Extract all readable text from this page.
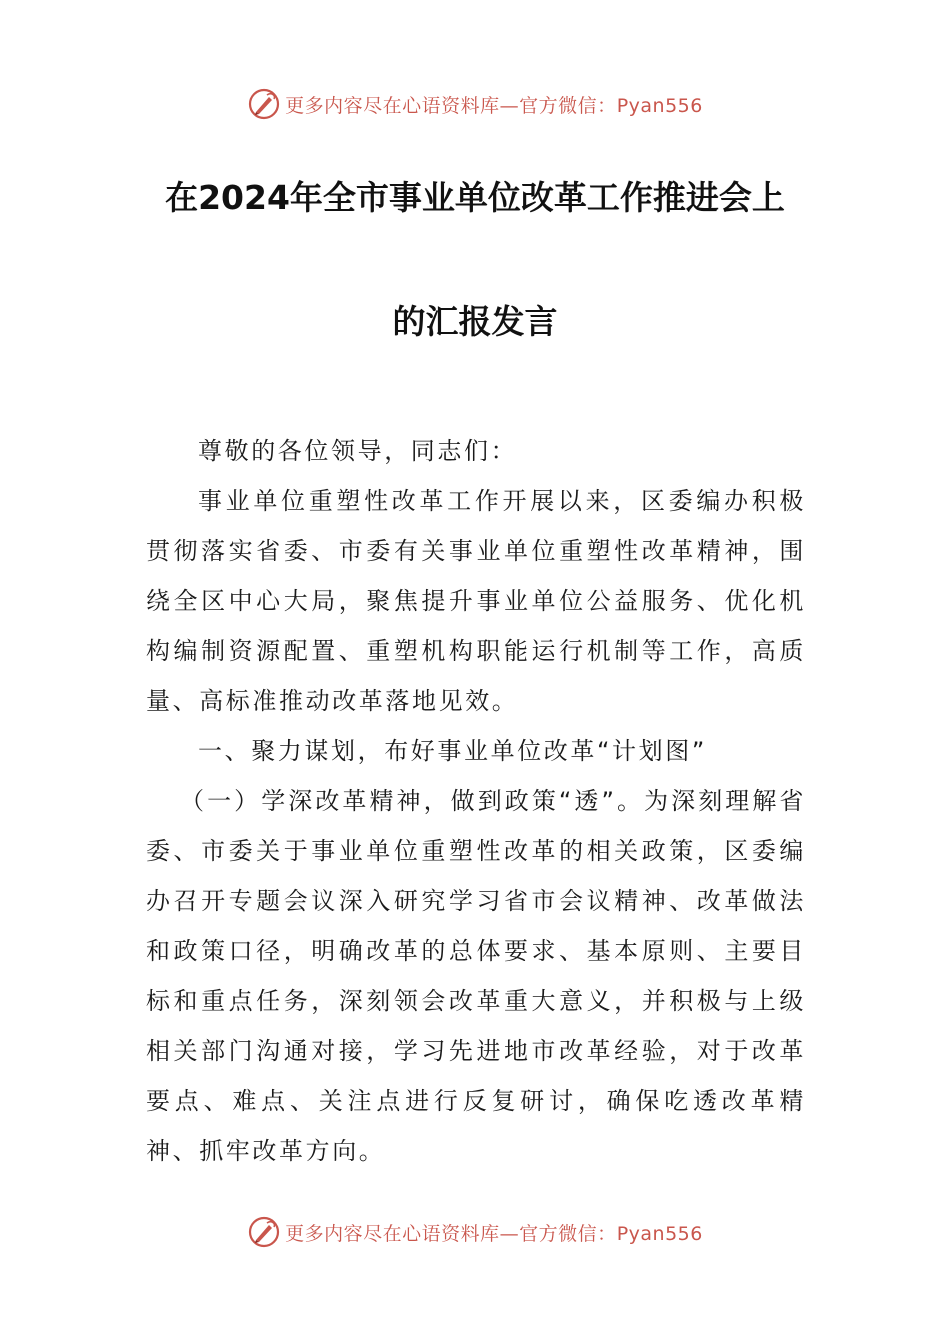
更多内容尽在心语资料库—官方微信：Pyan556
在2024年全市事业单位改革工作推进会上
的汇报发言

尊敬的各位领导，同志们：

事业单位重塑性改革工作开展以来，区委编办积极贯彻落实省委、市委有关事业单位重塑性改革精神，围绕全区中心大局，聚焦提升事业单位公益服务、优化机构编制资源配置、重塑机构职能运行机制等工作，高质量、高标准推动改革落地见效。

一、聚力谋划，布好事业单位改革“计划图”

（一）学深改革精神，做到政策“透”。为深刻理解省委、市委关于事业单位重塑性改革的相关政策，区委编办召开专题会议深入研究学习省市会议精神、改革做法和政策口径，明确改革的总体要求、基本原则、主要目标和重点任务，深刻领会改革重大意义，并积极与上级相关部门沟通对接，学习先进地市改革经验，对于改革要点、难点、关注点进行反复研讨，确保吃透改革精神、抓牢改革方向。

更多内容尽在心语资料库—官方微信：Pyan556
